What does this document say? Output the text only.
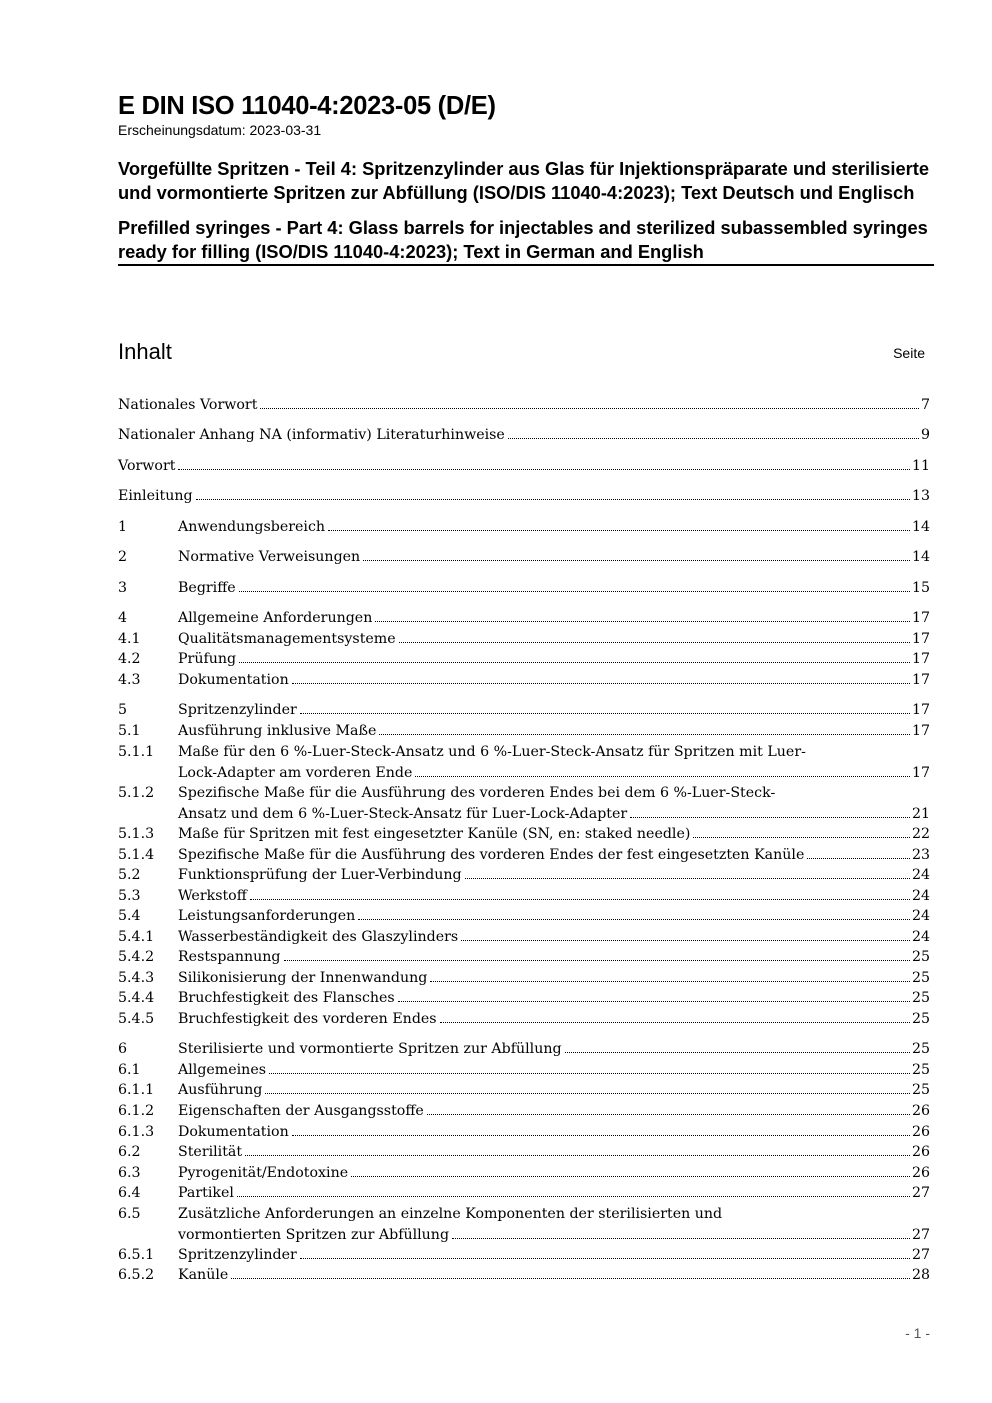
E DIN ISO 11040-4:2023-05 (D/E)

Erscheinungsdatum: 2023-03-31

Vorgefüllte Spritzen - Teil 4: Spritzenzylinder aus Glas für Injektionspräparate und sterilisierte und vormontierte Spritzen zur Abfüllung (ISO/DIS 11040-4:2023); Text Deutsch und Englisch

Prefilled syringes - Part 4: Glass barrels for injectables and sterilized subassembled syringes ready for filling (ISO/DIS 11040-4:2023); Text in German and English

Inhalt	Seite
Nationales Vorwort	7
Nationaler Anhang NA (informativ) Literaturhinweise	9
Vorwort	11
Einleitung	13
1	Anwendungsbereich	14
2	Normative Verweisungen	14
3	Begriffe	15
4	Allgemeine Anforderungen	17
4.1	Qualitätsmanagementsysteme	17
4.2	Prüfung	17
4.3	Dokumentation	17
5	Spritzenzylinder	17
5.1	Ausführung inklusive Maße	17
5.1.1	Maße für den 6 %-Luer-Steck-Ansatz und 6 %-Luer-Steck-Ansatz für Spritzen mit Luer-
Lock-Adapter am vorderen Ende	17
5.1.2	Spezifische Maße für die Ausführung des vorderen Endes bei dem 6 %-Luer-Steck-
Ansatz und dem 6 %-Luer-Steck-Ansatz für Luer-Lock-Adapter	21
5.1.3	Maße für Spritzen mit fest eingesetzter Kanüle (SN, en: staked needle)	22
5.1.4	Spezifische Maße für die Ausführung des vorderen Endes der fest eingesetzten Kanüle	23
5.2	Funktionsprüfung der Luer-Verbindung	24
5.3	Werkstoff	24
5.4	Leistungsanforderungen	24
5.4.1	Wasserbeständigkeit des Glaszylinders	24
5.4.2	Restspannung	25
5.4.3	Silikonisierung der Innenwandung	25
5.4.4	Bruchfestigkeit des Flansches	25
5.4.5	Bruchfestigkeit des vorderen Endes	25
6	Sterilisierte und vormontierte Spritzen zur Abfüllung	25
6.1	Allgemeines	25
6.1.1	Ausführung	25
6.1.2	Eigenschaften der Ausgangsstoffe	26
6.1.3	Dokumentation	26
6.2	Sterilität	26
6.3	Pyrogenität/Endotoxine	26
6.4	Partikel	27
6.5	Zusätzliche Anforderungen an einzelne Komponenten der sterilisierten und
vormontierten Spritzen zur Abfüllung	27
6.5.1	Spritzenzylinder	27
6.5.2	Kanüle	28
- 1 -
